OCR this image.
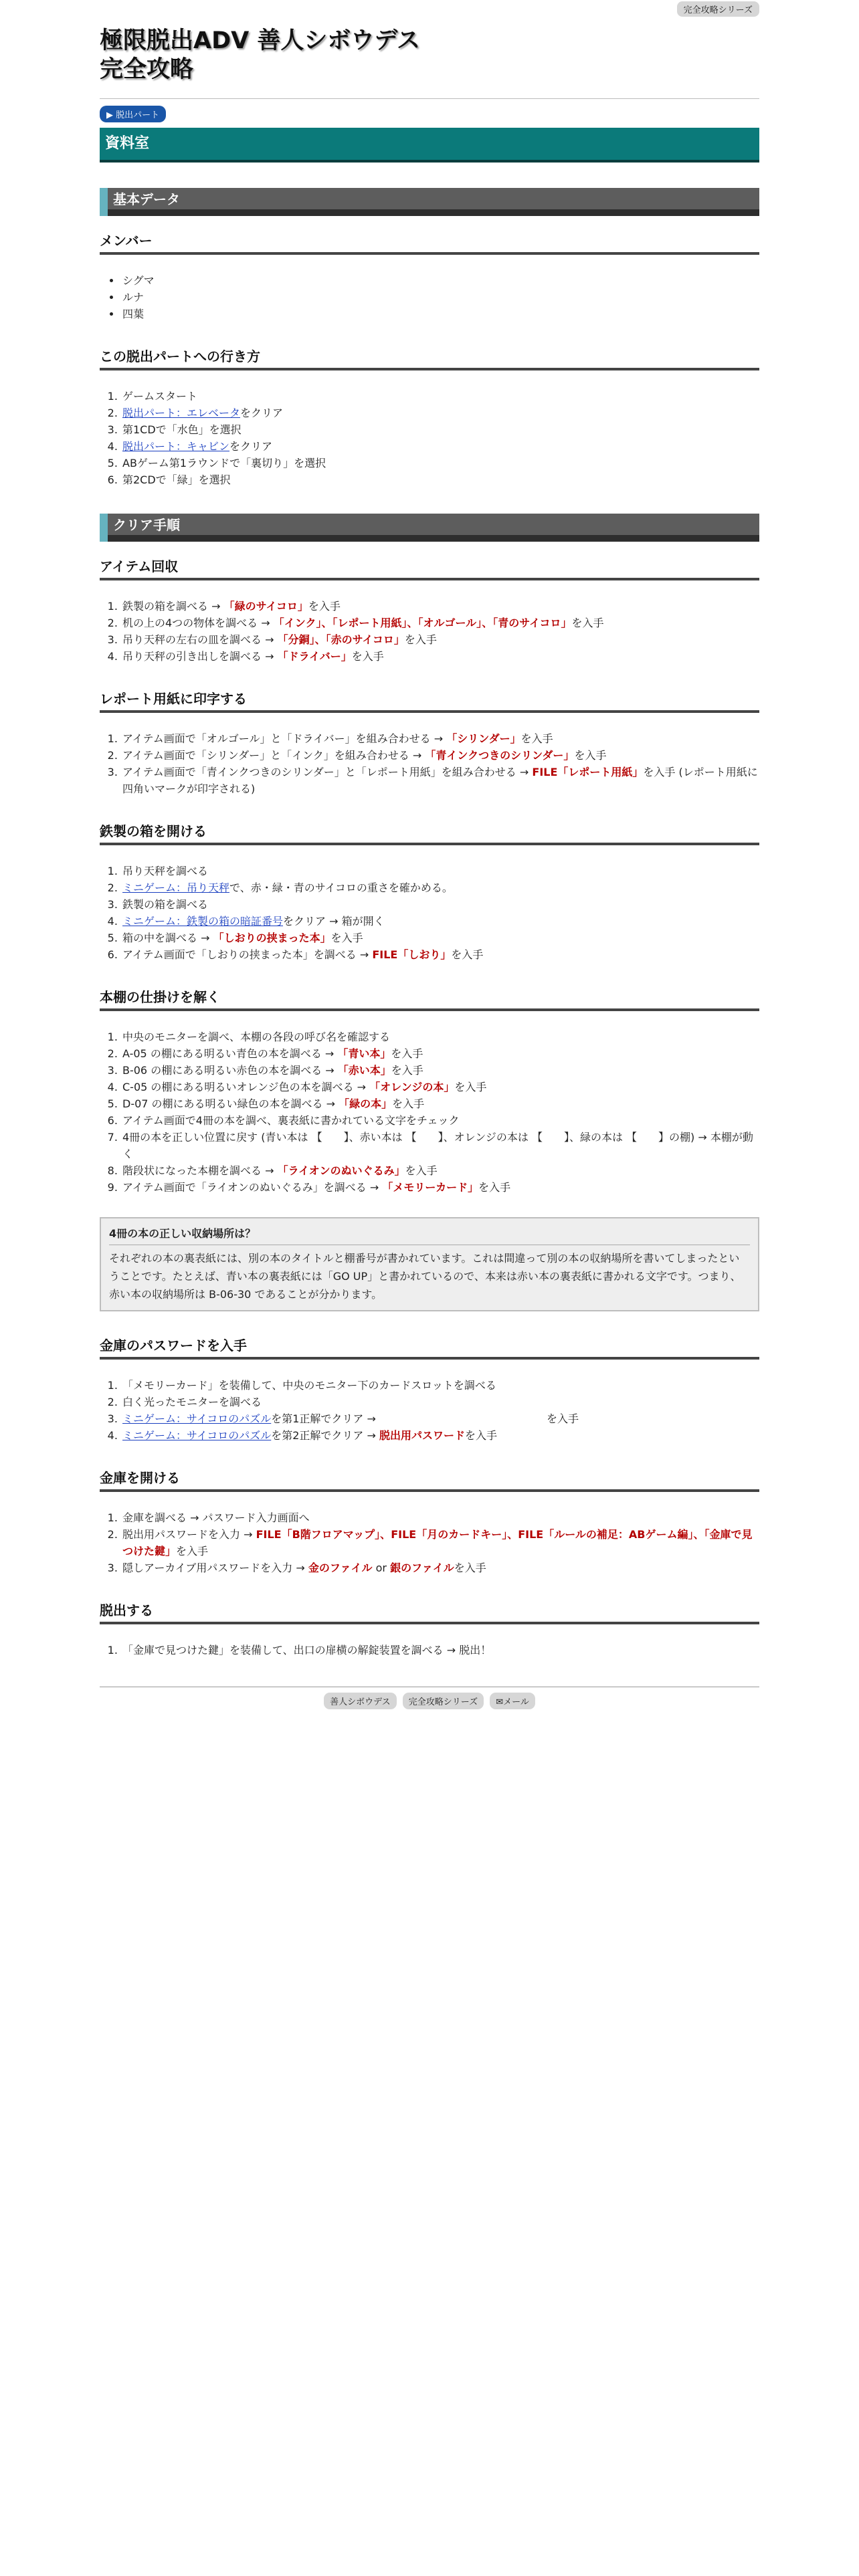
完全攻略シリーズ
極限脱出ADV 善人シボウデス
完全攻略
▶ 脱出パート
資料室
基本データ
メンバー
• シグマ
• ルナ
• 四葉
この脱出パートへの行き方
1. ゲームスタート
2. 脱出パート：エレベータをクリア
3. 第1CDで「水色」を選択
4. 脱出パート：キャビンをクリア
5. ABゲーム第1ラウンドで「裏切り」を選択
6. 第2CDで「緑」を選択
クリア手順
アイテム回収
1. 鉄製の箱を調べる → 「緑のサイコロ」を入手
2. 机の上の4つの物体を調べる → 「インク」、「レポート用紙」、「オルゴール」、「青のサイコロ」を入手
3. 吊り天秤の左右の皿を調べる → 「分銅」、「赤のサイコロ」を入手
4. 吊り天秤の引き出しを調べる → 「ドライバー」を入手
レポート用紙に印字する
1. アイテム画面で「オルゴール」と「ドライバー」を組み合わせる → 「シリンダー」を入手
2. アイテム画面で「シリンダー」と「インク」を組み合わせる → 「青インクつきのシリンダー」を入手
3. アイテム画面で「青インクつきのシリンダー」と「レポート用紙」を組み合わせる → FILE「レポート用紙」を入手 (レポート用紙に四角いマークが印字される)
鉄製の箱を開ける
1. 吊り天秤を調べる
2. ミニゲーム：吊り天秤で、赤・緑・青のサイコロの重さを確かめる。
3. 鉄製の箱を調べる
4. ミニゲーム：鉄製の箱の暗証番号をクリア → 箱が開く
5. 箱の中を調べる → 「しおりの挟まった本」を入手
6. アイテム画面で「しおりの挟まった本」を調べる → FILE「しおり」を入手
本棚の仕掛けを解く
1. 中央のモニターを調べ、本棚の各段の呼び名を確認する
2. A-05 の棚にある明るい青色の本を調べる → 「青い本」を入手
3. B-06 の棚にある明るい赤色の本を調べる → 「赤い本」を入手
4. C-05 の棚にある明るいオレンジ色の本を調べる → 「オレンジの本」を入手
5. D-07 の棚にある明るい緑色の本を調べる → 「緑の本」を入手
6. アイテム画面で4冊の本を調べ、裏表紙に書かれている文字をチェック
7. 4冊の本を正しい位置に戻す (青い本は 【　　】、赤い本は 【　　】、オレンジの本は 【　　】、緑の本は 【　　】の棚) → 本棚が動く
8. 階段状になった本棚を調べる → 「ライオンのぬいぐるみ」を入手
9. アイテム画面で「ライオンのぬいぐるみ」を調べる → 「メモリーカード」を入手
4冊の本の正しい収納場所は？
それぞれの本の裏表紙には、別の本のタイトルと棚番号が書かれています。これは間違って別の本の収納場所を書いてしまったということです。たとえば、青い本の裏表紙には「GO UP」と書かれているので、本来は赤い本の裏表紙に書かれる文字です。つまり、赤い本の収納場所は B-06-30 であることが分かります。
金庫のパスワードを入手
1. 「メモリーカード」を装備して、中央のモニター下のカードスロットを調べる
2. 白く光ったモニターを調べる
3. ミニゲーム：サイコロのパズルを第1正解でクリア →	を入手
4. ミニゲーム：サイコロのパズルを第2正解でクリア → 脱出用パスワードを入手
金庫を開ける
1. 金庫を調べる → パスワード入力画面へ
2. 脱出用パスワードを入力 → FILE「B階フロアマップ」、FILE「月のカードキー」、FILE「ルールの補足：ABゲーム編」、「金庫で見つけた鍵」を入手
3. 隠しアーカイブ用パスワードを入力 → 金のファイル or 銀のファイルを入手
脱出する
1. 「金庫で見つけた鍵」を装備して、出口の扉横の解錠装置を調べる → 脱出！
善人シボウデス 完全攻略シリーズ ✉メール
